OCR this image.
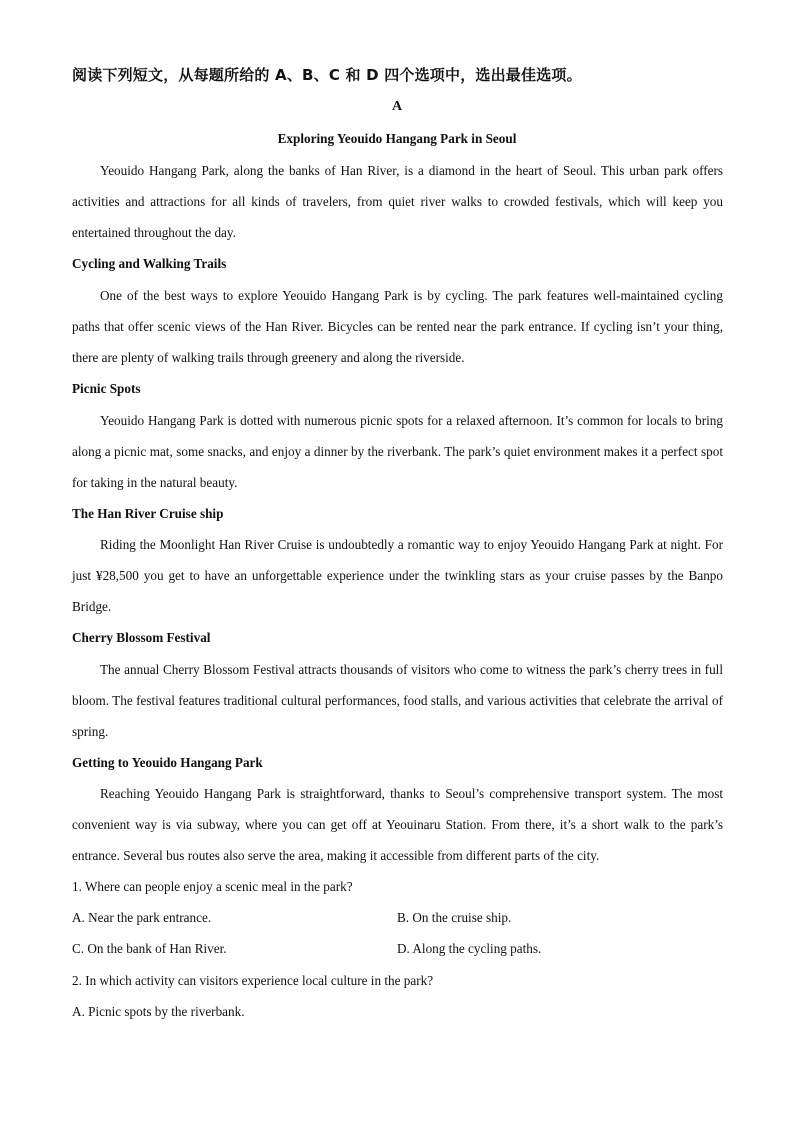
阅读下列短文，从每题所给的 A、B、C 和 D 四个选项中，选出最佳选项。
A
Exploring Yeouido Hangang Park in Seoul

Yeouido Hangang Park, along the banks of Han River, is a diamond in the heart of Seoul. This urban park offers activities and attractions for all kinds of travelers, from quiet river walks to crowded festivals, which will keep you entertained throughout the day.

Cycling and Walking Trails

One of the best ways to explore Yeouido Hangang Park is by cycling. The park features well-maintained cycling paths that offer scenic views of the Han River. Bicycles can be rented near the park entrance. If cycling isn’t your thing, there are plenty of walking trails through greenery and along the riverside.

Picnic Spots

Yeouido Hangang Park is dotted with numerous picnic spots for a relaxed afternoon. It’s common for locals to bring along a picnic mat, some snacks, and enjoy a dinner by the riverbank. The park’s quiet environment makes it a perfect spot for taking in the natural beauty.

The Han River Cruise ship

Riding the Moonlight Han River Cruise is undoubtedly a romantic way to enjoy Yeouido Hangang Park at night. For just ¥28,500 you get to have an unforgettable experience under the twinkling stars as your cruise passes by the Banpo Bridge.

Cherry Blossom Festival

The annual Cherry Blossom Festival attracts thousands of visitors who come to witness the park’s cherry trees in full bloom. The festival features traditional cultural performances, food stalls, and various activities that celebrate the arrival of spring.

Getting to Yeouido Hangang Park

Reaching Yeouido Hangang Park is straightforward, thanks to Seoul’s comprehensive transport system. The most convenient way is via subway, where you can get off at Yeouinaru Station. From there, it’s a short walk to the park’s entrance. Several bus routes also serve the area, making it accessible from different parts of the city.

1. Where can people enjoy a scenic meal in the park?
A. Near the park entrance.	B. On the cruise ship.
C. On the bank of Han River.	D. Along the cycling paths.
2. In which activity can visitors experience local culture in the park?
A. Picnic spots by the riverbank.
